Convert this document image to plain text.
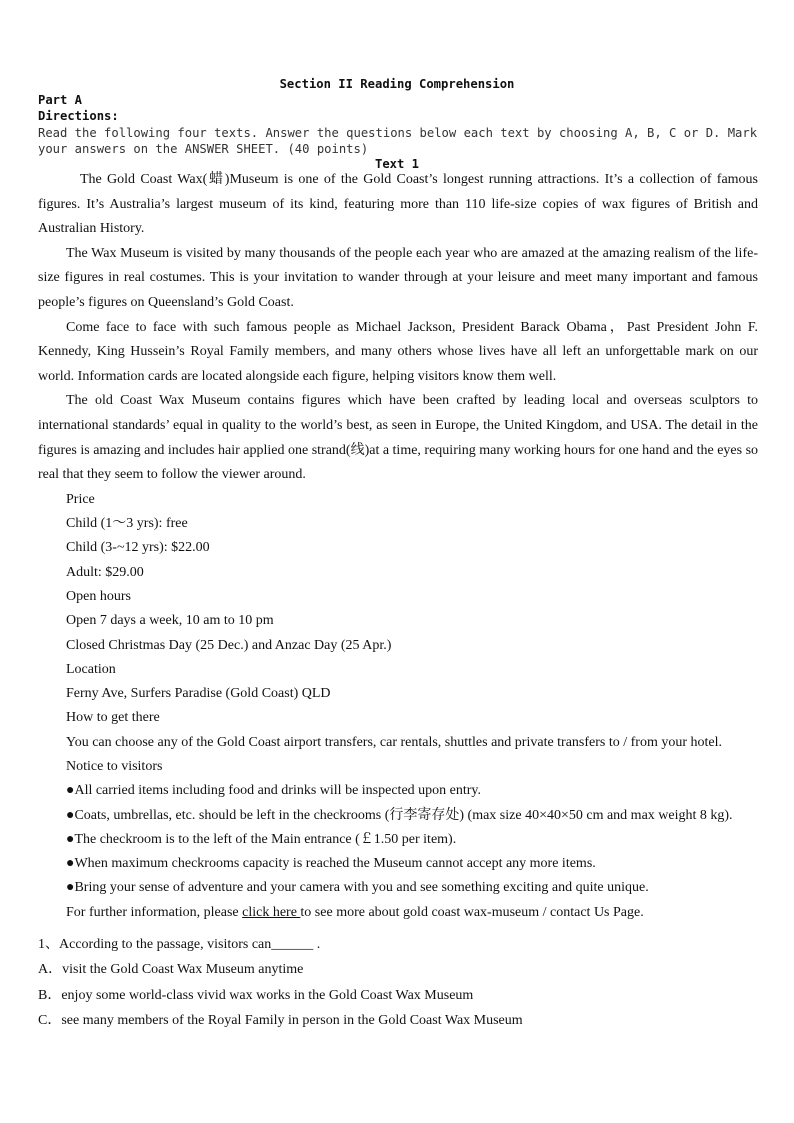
Section II Reading Comprehension
Part A
Directions:
Read the following four texts. Answer the questions below each text by choosing A, B, C or D. Mark your answers on the ANSWER SHEET. (40 points)
Text 1

The Gold Coast Wax(蜡)Museum is one of the Gold Coast’s longest running attractions. It’s a collection of famous figures. It’s Australia’s largest museum of its kind, featuring more than 110 life-size copies of wax figures of British and Australian History.

The Wax Museum is visited by many thousands of the people each year who are amazed at the amazing realism of the life-size figures in real costumes. This is your invitation to wander through at your leisure and meet many important and famous people’s figures on Queensland’s Gold Coast.

Come face to face with such famous people as Michael Jackson, President Barack Obama，Past President John F. Kennedy, King Hussein’s Royal Family members, and many others whose lives have all left an unforgettable mark on our world. Information cards are located alongside each figure, helping visitors know them well.

The old Coast Wax Museum contains figures which have been crafted by leading local and overseas sculptors to international standards’ equal in quality to the world’s best, as seen in Europe, the United Kingdom, and USA. The detail in the figures is amazing and includes hair applied one strand(线)at a time, requiring many working hours for one hand and the eyes so real that they seem to follow the viewer around.

Price
Child (1～3 yrs): free
Child (3-~12 yrs): $22.00
Adult: $29.00
Open hours
Open 7 days a week, 10 am to 10 pm
Closed Christmas Day (25 Dec.) and Anzac Day (25 Apr.)
Location
Ferny Ave, Surfers Paradise (Gold Coast) QLD
How to get there
You can choose any of the Gold Coast airport transfers, car rentals, shuttles and private transfers to / from your hotel.
Notice to visitors
●All carried items including food and drinks will be inspected upon entry.
●Coats, umbrellas, etc. should be left in the checkrooms (行李寄存处) (max size 40×40×50 cm and max weight 8 kg).
●The checkroom is to the left of the Main entrance (￡1.50 per item).
●When maximum checkrooms capacity is reached the Museum cannot accept any more items.
●Bring your sense of adventure and your camera with you and see something exciting and quite unique.
For further information, please click here to see more about gold coast wax-museum / contact Us Page.
1、According to the passage, visitors can______ .
A．visit the Gold Coast Wax Museum anytime
B．enjoy some world-class vivid wax works in the Gold Coast Wax Museum
C．see many members of the Royal Family in person in the Gold Coast Wax Museum
